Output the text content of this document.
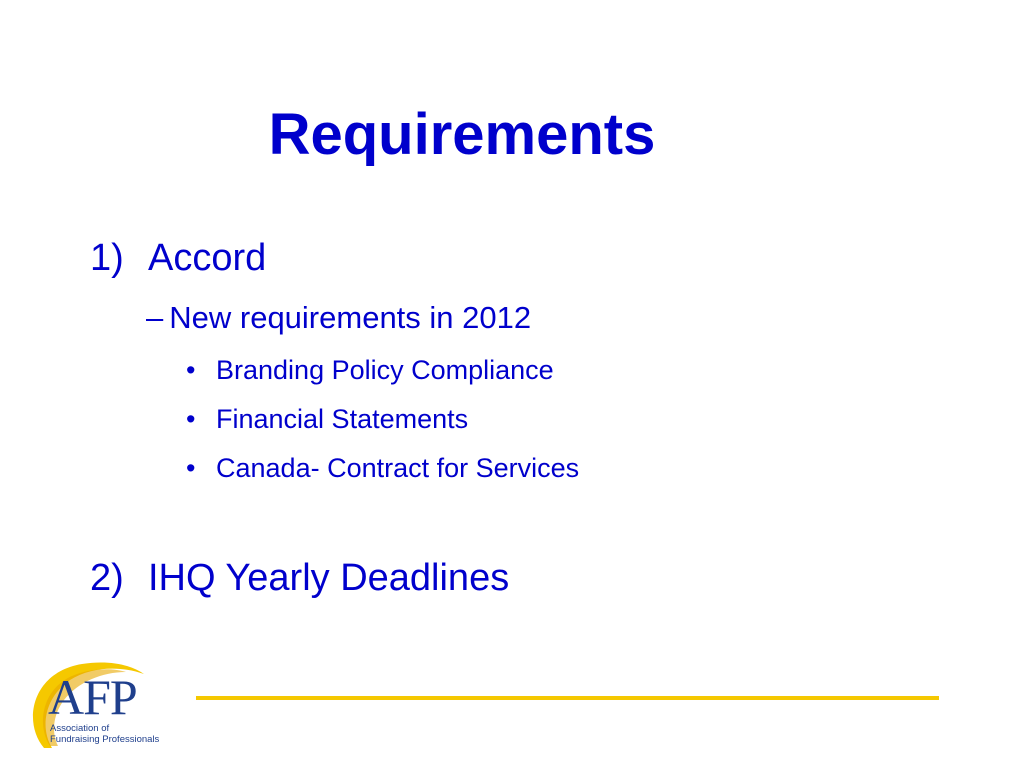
Requirements
1) Accord
– New requirements in 2012
• Branding Policy Compliance
• Financial Statements
• Canada- Contract for Services
2) IHQ Yearly Deadlines
AFP
Association of
Fundraising Professionals
